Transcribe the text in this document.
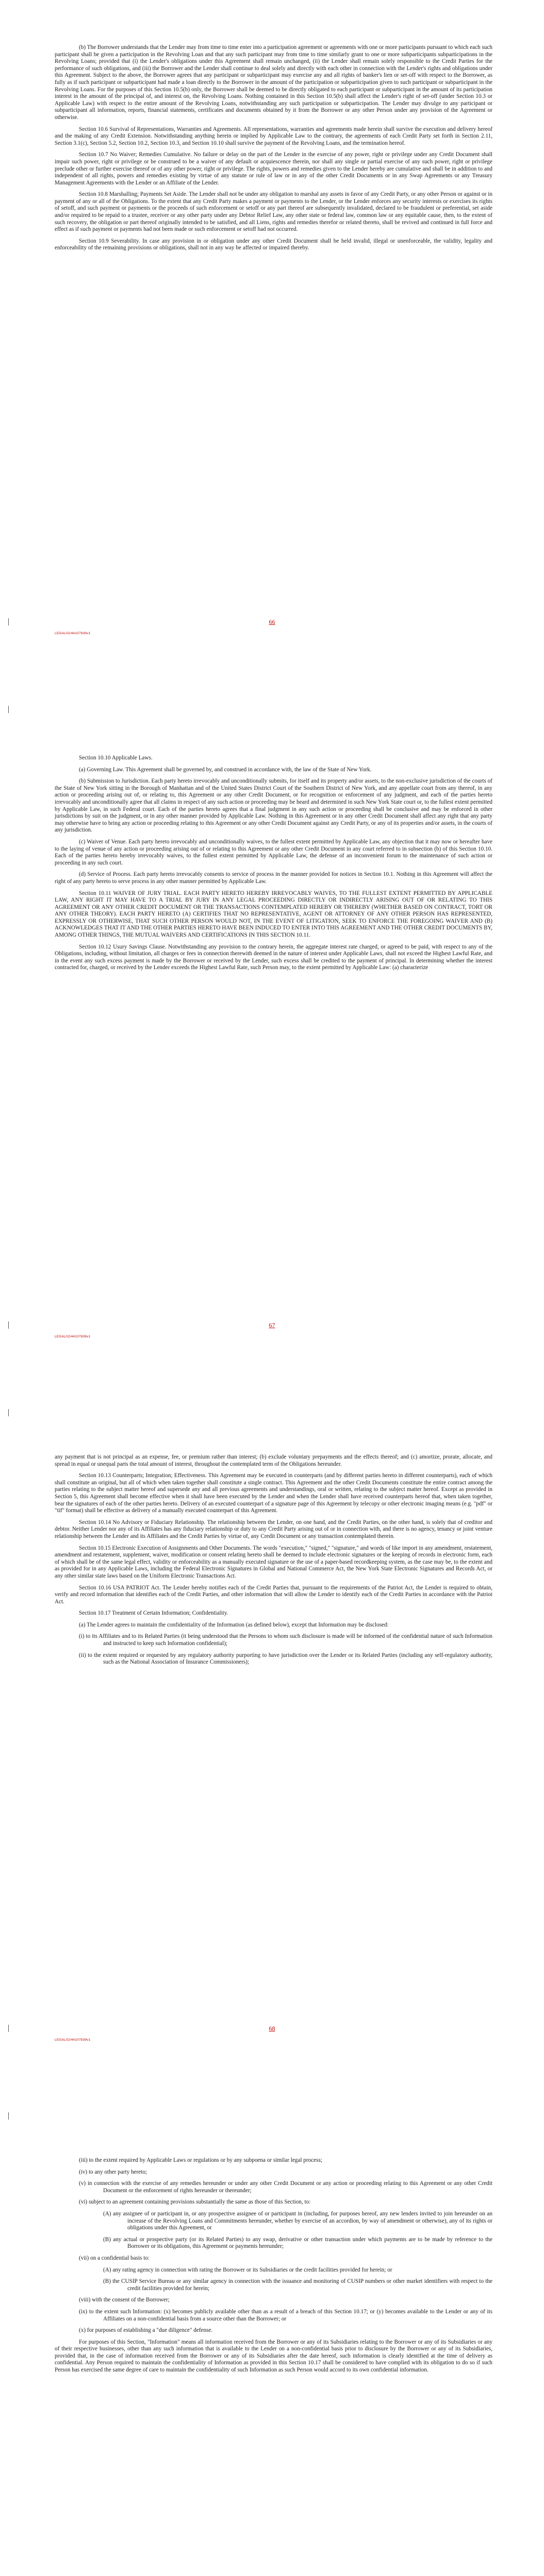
(b) The Borrower understands that the Lender may from time to time enter into a participation agreement or agreements with one or more participants pursuant to which each such participant shall be given a participation in the Revolving Loan and that any such participant may from time to time similarly grant to one or more subparticipants subparticipations in the Revolving Loans; provided that (i) the Lender's obligations under this Agreement shall remain unchanged, (ii) the Lender shall remain solely responsible to the Credit Parties for the performance of such obligations, and (iii) the Borrower and the Lender shall continue to deal solely and directly with each other in connection with the Lender's rights and obligations under this Agreement. Subject to the above, the Borrower agrees that any participant or subparticipant may exercise any and all rights of banker's lien or set-off with respect to the Borrower, as fully as if such participant or subparticipant had made a loan directly to the Borrower in the amount of the participation or subparticipation given to such participant or subparticipant in the Revolving Loans. For the purposes of this Section 10.5(b) only, the Borrower shall be deemed to be directly obligated to each participant or subparticipant in the amount of its participation interest in the amount of the principal of, and interest on, the Revolving Loans. Nothing contained in this Section 10.5(b) shall affect the Lender's right of set-off (under Section 10.3 or Applicable Law) with respect to the entire amount of the Revolving Loans, notwithstanding any such participation or subparticipation. The Lender may divulge to any participant or subparticipant all information, reports, financial statements, certificates and documents obtained by it from the Borrower or any other Person under any provision of the Agreement or otherwise.

Section 10.6 Survival of Representations, Warranties and Agreements. All representations, warranties and agreements made herein shall survive the execution and delivery hereof and the making of any Credit Extension. Notwithstanding anything herein or implied by Applicable Law to the contrary, the agreements of each Credit Party set forth in Section 2.11, Section 3.1(c), Section 5.2, Section 10.2, Section 10.3, and Section 10.10 shall survive the payment of the Revolving Loans, and the termination hereof.

Section 10.7 No Waiver; Remedies Cumulative. No failure or delay on the part of the Lender in the exercise of any power, right or privilege under any Credit Document shall impair such power, right or privilege or be construed to be a waiver of any default or acquiescence therein, nor shall any single or partial exercise of any such power, right or privilege preclude other or further exercise thereof or of any other power, right or privilege. The rights, powers and remedies given to the Lender hereby are cumulative and shall be in addition to and independent of all rights, powers and remedies existing by virtue of any statute or rule of law or in any of the other Credit Documents or in any Swap Agreements or any Treasury Management Agreements with the Lender or an Affiliate of the Lender.

Section 10.8 Marshalling; Payments Set Aside. The Lender shall not be under any obligation to marshal any assets in favor of any Credit Party, or any other Person or against or in payment of any or all of the Obligations. To the extent that any Credit Party makes a payment or payments to the Lender, or the Lender enforces any security interests or exercises its rights of setoff, and such payment or payments or the proceeds of such enforcement or setoff or any part thereof are subsequently invalidated, declared to be fraudulent or preferential, set aside and/or required to be repaid to a trustee, receiver or any other party under any Debtor Relief Law, any other state or federal law, common law or any equitable cause, then, to the extent of such recovery, the obligation or part thereof originally intended to be satisfied, and all Liens, rights and remedies therefor or related thereto, shall be revived and continued in full force and effect as if such payment or payments had not been made or such enforcement or setoff had not occurred.

Section 10.9 Severability. In case any provision in or obligation under any other Credit Document shall be held invalid, illegal or unenforceable, the validity, legality and enforceability of the remaining provisions or obligations, shall not in any way be affected or impaired thereby.

66
LEGAL02/44107839v1

Section 10.10 Applicable Laws.

(a) Governing Law. This Agreement shall be governed by, and construed in accordance with, the law of the State of New York.

(b) Submission to Jurisdiction. Each party hereto irrevocably and unconditionally submits, for itself and its property and/or assets, to the non-exclusive jurisdiction of the courts of the State of New York sitting in the Borough of Manhattan and of the United States District Court of the Southern District of New York, and any appellate court from any thereof, in any action or proceeding arising out of, or relating to, this Agreement or any other Credit Document, or for recognition or enforcement of any judgment, and each of the parties hereto irrevocably and unconditionally agree that all claims in respect of any such action or proceeding may be heard and determined in such New York State court or, to the fullest extent permitted by Applicable Law, in such Federal court. Each of the parties hereto agrees that a final judgment in any such action or proceeding shall be conclusive and may be enforced in other jurisdictions by suit on the judgment, or in any other manner provided by Applicable Law. Nothing in this Agreement or in any other Credit Document shall affect any right that any party may otherwise have to bring any action or proceeding relating to this Agreement or any other Credit Document against any Credit Party, or any of its properties and/or assets, in the courts of any jurisdiction.

(c) Waiver of Venue. Each party hereto irrevocably and unconditionally waives, to the fullest extent permitted by Applicable Law, any objection that it may now or hereafter have to the laying of venue of any action or proceeding arising out of or relating to this Agreement or any other Credit Document in any court referred to in subsection (b) of this Section 10.10. Each of the parties hereto hereby irrevocably waives, to the fullest extent permitted by Applicable Law, the defense of an inconvenient forum to the maintenance of such action or proceeding in any such court.

(d) Service of Process. Each party hereto irrevocably consents to service of process in the manner provided for notices in Section 10.1. Nothing in this Agreement will affect the right of any party hereto to serve process in any other manner permitted by Applicable Law.

Section 10.11 WAIVER OF JURY TRIAL. EACH PARTY HERETO HEREBY IRREVOCABLY WAIVES, TO THE FULLEST EXTENT PERMITTED BY APPLICABLE LAW, ANY RIGHT IT MAY HAVE TO A TRIAL BY JURY IN ANY LEGAL PROCEEDING DIRECTLY OR INDIRECTLY ARISING OUT OF OR RELATING TO THIS AGREEMENT OR ANY OTHER CREDIT DOCUMENT OR THE TRANSACTIONS CONTEMPLATED HEREBY OR THEREBY (WHETHER BASED ON CONTRACT, TORT OR ANY OTHER THEORY). EACH PARTY HERETO (A) CERTIFIES THAT NO REPRESENTATIVE, AGENT OR ATTORNEY OF ANY OTHER PERSON HAS REPRESENTED, EXPRESSLY OR OTHERWISE, THAT SUCH OTHER PERSON WOULD NOT, IN THE EVENT OF LITIGATION, SEEK TO ENFORCE THE FOREGOING WAIVER AND (B) ACKNOWLEDGES THAT IT AND THE OTHER PARTIES HERETO HAVE BEEN INDUCED TO ENTER INTO THIS AGREEMENT AND THE OTHER CREDIT DOCUMENTS BY, AMONG OTHER THINGS, THE MUTUAL WAIVERS AND CERTIFICATIONS IN THIS SECTION 10.11.

Section 10.12 Usury Savings Clause. Notwithstanding any provision to the contrary herein, the aggregate interest rate charged, or agreed to be paid, with respect to any of the Obligations, including, without limitation, all charges or fees in connection therewith deemed in the nature of interest under Applicable Laws, shall not exceed the Highest Lawful Rate, and in the event any such excess payment is made by the Borrower or received by the Lender, such excess shall be credited to the payment of principal. In determining whether the interest contracted for, charged, or received by the Lender exceeds the Highest Lawful Rate, such Person may, to the extent permitted by Applicable Law: (a) characterize

67
LEGAL02/44107839v1

any payment that is not principal as an expense, fee, or premium rather than interest; (b) exclude voluntary prepayments and the effects thereof; and (c) amortize, prorate, allocate, and spread in equal or unequal parts the total amount of interest, throughout the contemplated term of the Obligations hereunder.

Section 10.13 Counterparts; Integration; Effectiveness. This Agreement may be executed in counterparts (and by different parties hereto in different counterparts), each of which shall constitute an original, but all of which when taken together shall constitute a single contract. This Agreement and the other Credit Documents constitute the entire contract among the parties relating to the subject matter hereof and supersede any and all previous agreements and understandings, oral or written, relating to the subject matter hereof. Except as provided in Section 5, this Agreement shall become effective when it shall have been executed by the Lender and when the Lender shall have received counterparts hereof that, when taken together, bear the signatures of each of the other parties hereto. Delivery of an executed counterpart of a signature page of this Agreement by telecopy or other electronic imaging means (e.g. "pdf" or "tif" format) shall be effective as delivery of a manually executed counterpart of this Agreement.

Section 10.14 No Advisory or Fiduciary Relationship. The relationship between the Lender, on one hand, and the Credit Parties, on the other hand, is solely that of creditor and debtor. Neither Lender nor any of its Affiliates has any fiduciary relationship or duty to any Credit Party arising out of or in connection with, and there is no agency, tenancy or joint venture relationship between the Lender and its Affiliates and the Credit Parties by virtue of, any Credit Document or any transaction contemplated therein.

Section 10.15 Electronic Execution of Assignments and Other Documents. The words "execution," "signed," "signature," and words of like import in any amendment, restatement, amendment and restatement, supplement, waiver, modification or consent relating hereto shall be deemed to include electronic signatures or the keeping of records in electronic form, each of which shall be of the same legal effect, validity or enforceability as a manually executed signature or the use of a paper-based recordkeeping system, as the case may be, to the extent and as provided for in any Applicable Laws, including the Federal Electronic Signatures in Global and National Commerce Act, the New York State Electronic Signatures and Records Act, or any other similar state laws based on the Uniform Electronic Transactions Act.

Section 10.16 USA PATRIOT Act. The Lender hereby notifies each of the Credit Parties that, pursuant to the requirements of the Patriot Act, the Lender is required to obtain, verify and record information that identifies each of the Credit Parties, and other information that will allow the Lender to identify each of the Credit Parties in accordance with the Patriot Act.

Section 10.17 Treatment of Certain Information; Confidentiality.

(a) The Lender agrees to maintain the confidentiality of the Information (as defined below), except that Information may be disclosed:

(i) to its Affiliates and to its Related Parties (it being understood that the Persons to whom such disclosure is made will be informed of the confidential nature of such Information and instructed to keep such Information confidential);

(ii) to the extent required or requested by any regulatory authority purporting to have jurisdiction over the Lender or its Related Parties (including any self-regulatory authority, such as the National Association of Insurance Commissioners);

68
LEGAL02/44107839v1

(iii) to the extent required by Applicable Laws or regulations or by any subpoena or similar legal process;

(iv) to any other party hereto;

(v) in connection with the exercise of any remedies hereunder or under any other Credit Document or any action or proceeding relating to this Agreement or any other Credit Document or the enforcement of rights hereunder or thereunder;

(vi) subject to an agreement containing provisions substantially the same as those of this Section, to:

(A) any assignee of or participant in, or any prospective assignee of or participant in (including, for purposes hereof, any new lenders invited to join hereunder on an increase of the Revolving Loans and Commitments hereunder, whether by exercise of an accordion, by way of amendment or otherwise), any of its rights or obligations under this Agreement, or

(B) any actual or prospective party (or its Related Parties) to any swap, derivative or other transaction under which payments are to be made by reference to the Borrower or its obligations, this Agreement or payments hereunder;

(vii) on a confidential basis to:

(A) any rating agency in connection with rating the Borrower or its Subsidiaries or the credit facilities provided for herein; or

(B) the CUSIP Service Bureau or any similar agency in connection with the issuance and monitoring of CUSIP numbers or other market identifiers with respect to the credit facilities provided for herein;

(viii) with the consent of the Borrower;

(ix) to the extent such Information: (x) becomes publicly available other than as a result of a breach of this Section 10.17; or (y) becomes available to the Lender or any of its Affiliates on a non-confidential basis from a source other than the Borrower; or

(x) for purposes of establishing a "due diligence" defense.

For purposes of this Section, "Information" means all information received from the Borrower or any of its Subsidiaries relating to the Borrower or any of its Subsidiaries or any of their respective businesses, other than any such information that is available to the Lender on a non-confidential basis prior to disclosure by the Borrower or any of its Subsidiaries, provided that, in the case of information received from the Borrower or any of its Subsidiaries after the date hereof, such information is clearly identified at the time of delivery as confidential. Any Person required to maintain the confidentiality of Information as provided in this Section 10.17 shall be considered to have complied with its obligation to do so if such Person has exercised the same degree of care to maintain the confidentiality of such Information as such Person would accord to its own confidential information.
